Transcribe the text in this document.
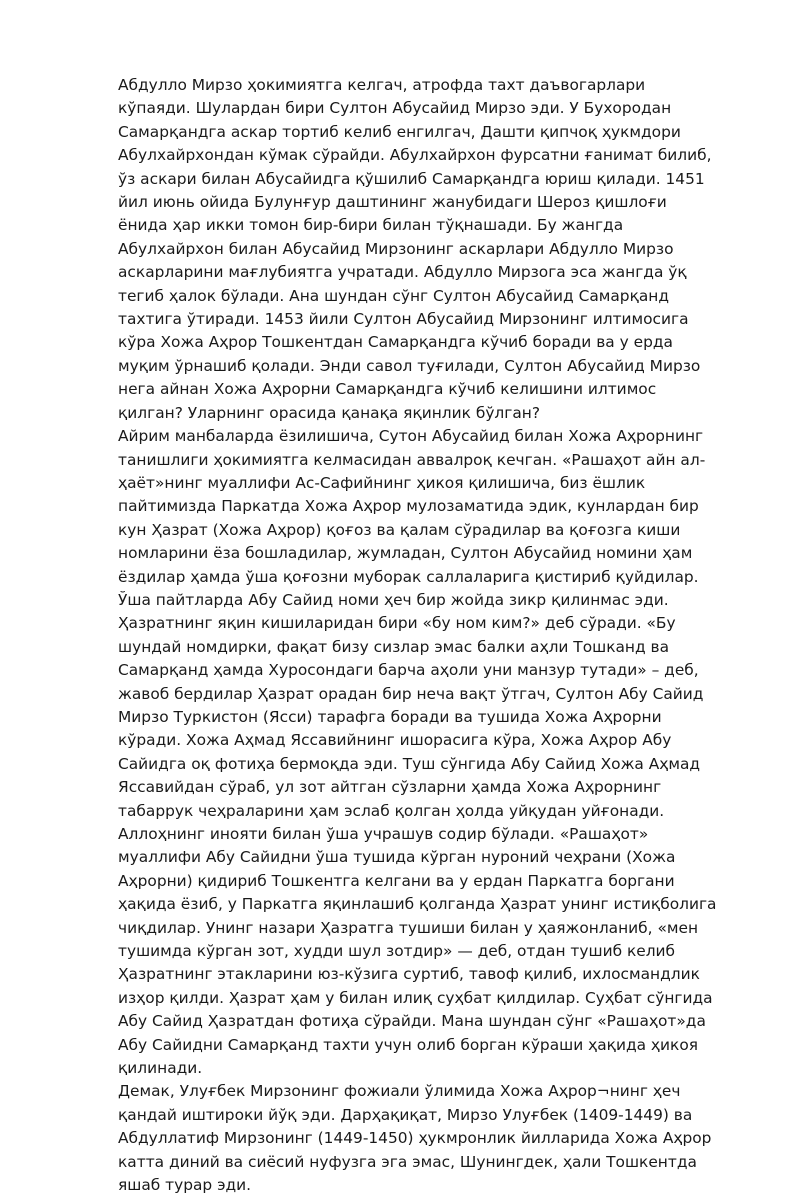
Абдулло Мирзо ҳокимиятга келгач, атрофда тахт даъвогарлари кўпаяди. Шулардан бири Султон Абусайид Мирзо эди. У Бухородан Самарқандга аскар тортиб келиб енгилгач, Дашти қипчоқ ҳукмдори Абулхайрхондан кўмак сўрайди. Абулхайрхон фурсатни ғанимат билиб, ўз аскари билан Абусайидга қўшилиб Самарқандга юриш қилади. 1451 йил июнь ойида Булунғур даштининг жанубидаги Шероз қишлоғи ёнида ҳар икки томон бир-бири билан тўқнашади. Бу жангда Абулхайрхон билан Абусайид Мирзонинг аскарлари Абдулло Мирзо аскарларини мағлубиятга учратади. Абдулло Мирзога эса жангда ўқ тегиб ҳалок бўлади. Ана шундан сўнг Султон Абусайид Самарқанд тахтига ўтиради. 1453 йили Султон Абусайид Мирзонинг илтимосига кўра Хожа Аҳрор Тошкентдан Самарқандга кўчиб боради ва у ерда муқим ўрнашиб қолади. Энди савол туғилади, Султон Абусайид Мирзо нега айнан Хожа Аҳрорни Самарқандга кўчиб келишини илтимос қилган? Уларнинг орасида қанақа яқинлик бўлган?

Айрим манбаларда ёзилишича, Сутон Абусайид билан Хожа Аҳрорнинг танишлиги ҳокимиятга келмасидан аввалроқ кечган. «Рашаҳот айн ал-ҳаёт»нинг муаллифи Ас-Сафийнинг ҳикоя қилишича, биз ёшлик пайтимизда Паркатда Хожа Аҳрор мулозаматида эдик, кунлардан бир кун Ҳазрат (Хожа Аҳрор) қоғоз ва қалам сўрадилар ва қоғозга киши номларини ёза бошладилар, жумладан, Султон Абусайид номини ҳам ёздилар ҳамда ўша қоғозни муборак саллаларига қистириб қуйдилар. Ўша пайтларда Абу Сайид номи ҳеч бир жойда зикр қилинмас эди. Ҳазратнинг яқин кишиларидан бири «бу ном ким?» деб сўради. «Бу шундай номдирки, фақат бизу сизлар эмас балки аҳли Тошканд ва Самарқанд ҳамда Хуросондаги барча аҳоли уни манзур тутади» – деб, жавоб бердилар Ҳазрат орадан бир неча вақт ўтгач, Султон Абу Сайид Мирзо Туркистон (Ясси) тарафга боради ва тушида Хожа Аҳрорни кўради. Хожа Аҳмад Яссавийнинг ишорасига кўра, Хожа Аҳрор Абу Сайидга оқ фотиҳа бермоқда эди. Туш сўнгида Абу Сайид Хожа Аҳмад Яссавийдан сўраб, ул зот айтган сўзларни ҳамда Хожа Аҳрорнинг табаррук чеҳраларини ҳам эслаб қолган ҳолда уйқудан уйғонади. Аллоҳнинг инояти билан ўша учрашув содир бўлади. «Рашаҳот» муаллифи Абу Сайидни ўша тушида кўрган нуроний чеҳрани (Хожа Аҳрорни) қидириб Тошкентга келгани ва у ердан Паркатга боргани ҳақида ёзиб, у Паркатга яқинлашиб қолганда Ҳазрат унинг истиқболига чиқдилар. Унинг назари Ҳазратга тушиши билан у ҳаяжонланиб, «мен тушимда кўрган зот, худди шул зотдир» — деб, отдан тушиб келиб Ҳазратнинг этакларини юз-кўзига суртиб, тавоф қилиб, ихлосмандлик изҳор қилди. Ҳазрат ҳам у билан илиқ суҳбат қилдилар. Суҳбат сўнгида Абу Сайид Ҳазратдан фотиҳа сўрайди. Мана шундан сўнг «Рашаҳот»да Абу Сайидни Самарқанд тахти учун олиб борган кўраши ҳақида ҳикоя қилинади.

Демак, Улуғбек Мирзонинг фожиали ўлимида Хожа Аҳрор¬нинг ҳеч қандай иштироки йўқ эди. Дарҳақиқат, Мирзо Улуғбек (1409-1449) ва Абдуллатиф Мирзонинг (1449-1450) ҳукмронлик йилларида Хожа Аҳрор катта диний ва сиёсий нуфузга эга эмас, Шунингдек, ҳали Тошкентда яшаб турар эди.
